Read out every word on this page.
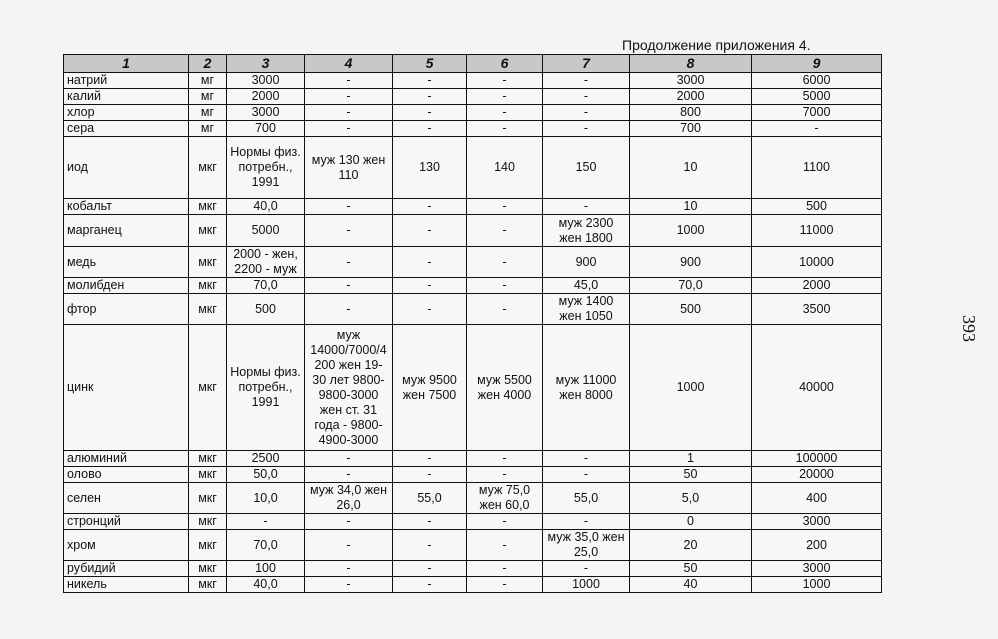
Продолжение приложения 4.
393
1	2	3	4	5	6	7	8	9
натрий	мг	3000	-	-	-	-	3000	6000
калий	мг	2000	-	-	-	-	2000	5000
хлор	мг	3000	-	-	-	-	800	7000
сера	мг	700	-	-	-	-	700	-
иод	мкг	Нормы физ. потребн., 1991	муж 130 жен 110	130	140	150	10	1100
кобальт	мкг	40,0	-	-	-	-	10	500
марганец	мкг	5000	-	-	-	муж 2300 жен 1800	1000	11000
медь	мкг	2000 - жен, 2200 - муж	-	-	-	900	900	10000
молибден	мкг	70,0	-	-	-	45,0	70,0	2000
фтор	мкг	500	-	-	-	муж 1400 жен 1050	500	3500
цинк	мкг	Нормы физ. потребн., 1991	муж 14000/7000/4 200 жен 19-30 лет 9800-9800-3000 жен ст. 31 года - 9800-4900-3000	муж 9500 жен 7500	муж 5500 жен 4000	муж 11000 жен 8000	1000	40000
алюминий	мкг	2500	-	-	-	-	1	100000
олово	мкг	50,0	-	-	-	-	50	20000
селен	мкг	10,0	муж 34,0 жен 26,0	55,0	муж 75,0 жен 60,0	55,0	5,0	400
стронций	мкг	-	-	-	-	-	0	3000
хром	мкг	70,0	-	-	-	муж 35,0 жен 25,0	20	200
рубидий	мкг	100	-	-	-	-	50	3000
никель	мкг	40,0	-	-	-	1000	40	1000
